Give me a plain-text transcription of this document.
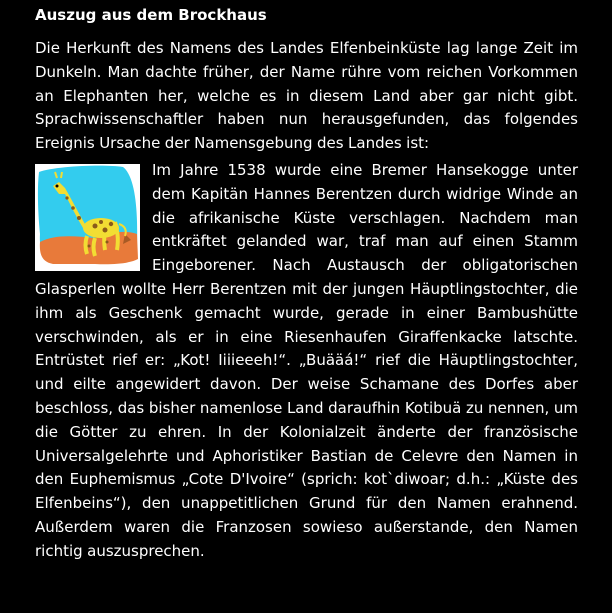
Auszug aus dem Brockhaus

Die Herkunft des Namens des Landes Elfenbeinküste lag lange Zeit im Dunkeln. Man dachte früher, der Name rühre vom reichen Vorkommen an Elephanten her, welche es in diesem Land aber gar nicht gibt. Sprachwissenschaftler haben nun herausgefunden, das folgendes Ereignis Ursache der Namensgebung des Landes ist:

Im Jahre 1538 wurde eine Bremer Hansekogge unter dem Kapitän Hannes Berentzen durch widrige Winde an die afrikanische Küste verschlagen. Nachdem man entkräftet gelanded war, traf man auf einen Stamm Eingeborener. Nach Austausch der obligatorischen Glasperlen wollte Herr Berentzen mit der jungen Häuptlingstochter, die ihm als Geschenk gemacht wurde, gerade in einer Bambushütte verschwinden, als er in eine Riesenhaufen Giraffenkacke latschte. Entrüstet rief er: „Kot! Iiiieeeh!“. „Buääá!“ rief die Häuptlingstochter, und eilte angewidert davon. Der weise Schamane des Dorfes aber beschloss, das bisher namenlose Land daraufhin Kotibuä zu nennen, um die Götter zu ehren. In der Kolonialzeit änderte der französische Universalgelehrte und Aphoristiker Bastian de Celevre den Namen in den Euphemismus „Cote D'Ivoire“ (sprich: kot`diwoar; d.h.: „Küste des Elfenbeins“), den unappetitlichen Grund für den Namen erahnend. Außerdem waren die Franzosen sowieso außerstande, den Namen richtig auszusprechen.
